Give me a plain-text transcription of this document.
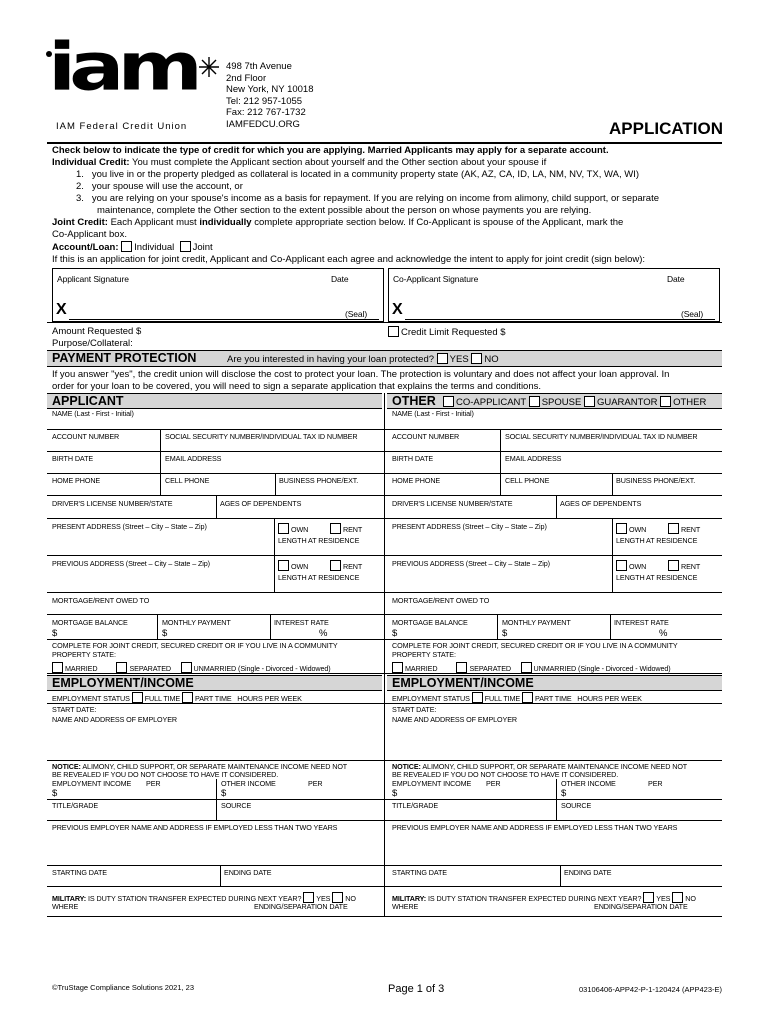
iam
IAM Federal Credit Union
498 7th Avenue
2nd Floor
New York, NY 10018
Tel: 212 957-1055
Fax: 212 767-1732
IAMFEDCU.ORG	APPLICATION
Check below to indicate the type of credit for which you are applying. Married Applicants may apply for a separate account.
Individual Credit: You must complete the Applicant section about yourself and the Other section about your spouse if
1.   you live in or the property pledged as collateral is located in a community property state (AK, AZ, CA, ID, LA, NM, NV, TX, WA, WI)
2.   your spouse will use the account, or
3.   you are relying on your spouse's income as a basis for repayment. If you are relying on income from alimony, child support, or separate
maintenance, complete the Other section to the extent possible about the person on whose payments you are relying.
Joint Credit: Each Applicant must individually complete appropriate section below. If Co-Applicant is spouse of the Applicant, mark the
Co-Applicant box.
Account/Loan: Individual Joint
If this is an application for joint credit, Applicant and Co-Applicant each agree and acknowledge the intent to apply for joint credit (sign below):
Applicant Signature	Date
X	(Seal)
Co-Applicant Signature	Date
X	(Seal)
Amount Requested $	Credit Limit Requested $
Purpose/Collateral:
PAYMENT PROTECTION	Are you interested in having your loan protected? YES NO
If you answer "yes", the credit union will disclose the cost to protect your loan. The protection is voluntary and does not affect your loan approval. In
order for your loan to be covered, you will need to sign a separate application that explains the terms and conditions.
APPLICANT	OTHER	CO-APPLICANT SPOUSE GUARANTOR OTHER
NAME (Last - First - Initial)
ACCOUNT NUMBER	SOCIAL SECURITY NUMBER/INDIVIDUAL TAX ID NUMBER
BIRTH DATE	EMAIL ADDRESS
HOME PHONE	CELL PHONE	BUSINESS PHONE/EXT.
DRIVER'S LICENSE NUMBER/STATE	AGES OF DEPENDENTS
PRESENT ADDRESS (Street – City – State – Zip)	OWN	RENT
LENGTH AT RESIDENCE
PREVIOUS ADDRESS (Street – City – State – Zip)	OWN	RENT
LENGTH AT RESIDENCE
MORTGAGE/RENT OWED TO
MORTGAGE BALANCE
$
MONTHLY PAYMENT
$
INTEREST RATE
%
COMPLETE FOR JOINT CREDIT, SECURED CREDIT OR IF YOU LIVE IN A COMMUNITY
PROPERTY STATE:
MARRIED	SEPARATED	UNMARRIED (Single - Divorced - Widowed)
NAME (Last - First - Initial)
ACCOUNT NUMBER	SOCIAL SECURITY NUMBER/INDIVIDUAL TAX ID NUMBER
BIRTH DATE	EMAIL ADDRESS
HOME PHONE	CELL PHONE	BUSINESS PHONE/EXT.
DRIVER'S LICENSE NUMBER/STATE	AGES OF DEPENDENTS
PRESENT ADDRESS (Street – City – State – Zip)	OWN	RENT
LENGTH AT RESIDENCE
PREVIOUS ADDRESS (Street – City – State – Zip)	OWN	RENT
LENGTH AT RESIDENCE
MORTGAGE/RENT OWED TO
MORTGAGE BALANCE
$
MONTHLY PAYMENT
$
INTEREST RATE
%
COMPLETE FOR JOINT CREDIT, SECURED CREDIT OR IF YOU LIVE IN A COMMUNITY
PROPERTY STATE:
MARRIED	SEPARATED	UNMARRIED (Single - Divorced - Widowed)
EMPLOYMENT/INCOME	EMPLOYMENT/INCOME
EMPLOYMENT STATUS FULL TIME PART TIME HOURS PER WEEK
START DATE:
NAME AND ADDRESS OF EMPLOYER
NOTICE: ALIMONY, CHILD SUPPORT, OR SEPARATE MAINTENANCE INCOME NEED NOT
BE REVEALED IF YOU DO NOT CHOOSE TO HAVE IT CONSIDERED.
EMPLOYMENT INCOME PER
$
OTHER INCOME	PER
$
TITLE/GRADE	SOURCE
PREVIOUS EMPLOYER NAME AND ADDRESS IF EMPLOYED LESS THAN TWO YEARS
STARTING DATE	ENDING DATE
MILITARY: IS DUTY STATION TRANSFER EXPECTED DURING NEXT YEAR? YES NO
WHERE	ENDING/SEPARATION DATE
EMPLOYMENT STATUS FULL TIME PART TIME HOURS PER WEEK
START DATE:
NAME AND ADDRESS OF EMPLOYER
NOTICE: ALIMONY, CHILD SUPPORT, OR SEPARATE MAINTENANCE INCOME NEED NOT
BE REVEALED IF YOU DO NOT CHOOSE TO HAVE IT CONSIDERED.
EMPLOYMENT INCOME PER
$
OTHER INCOME	PER
$
TITLE/GRADE	SOURCE
PREVIOUS EMPLOYER NAME AND ADDRESS IF EMPLOYED LESS THAN TWO YEARS
STARTING DATE	ENDING DATE
MILITARY: IS DUTY STATION TRANSFER EXPECTED DURING NEXT YEAR? YES NO
WHERE	ENDING/SEPARATION DATE
©TruStage Compliance Solutions 2021, 23	Page 1 of 3	03106406-APP42-P-1-120424 (APP423-E)
